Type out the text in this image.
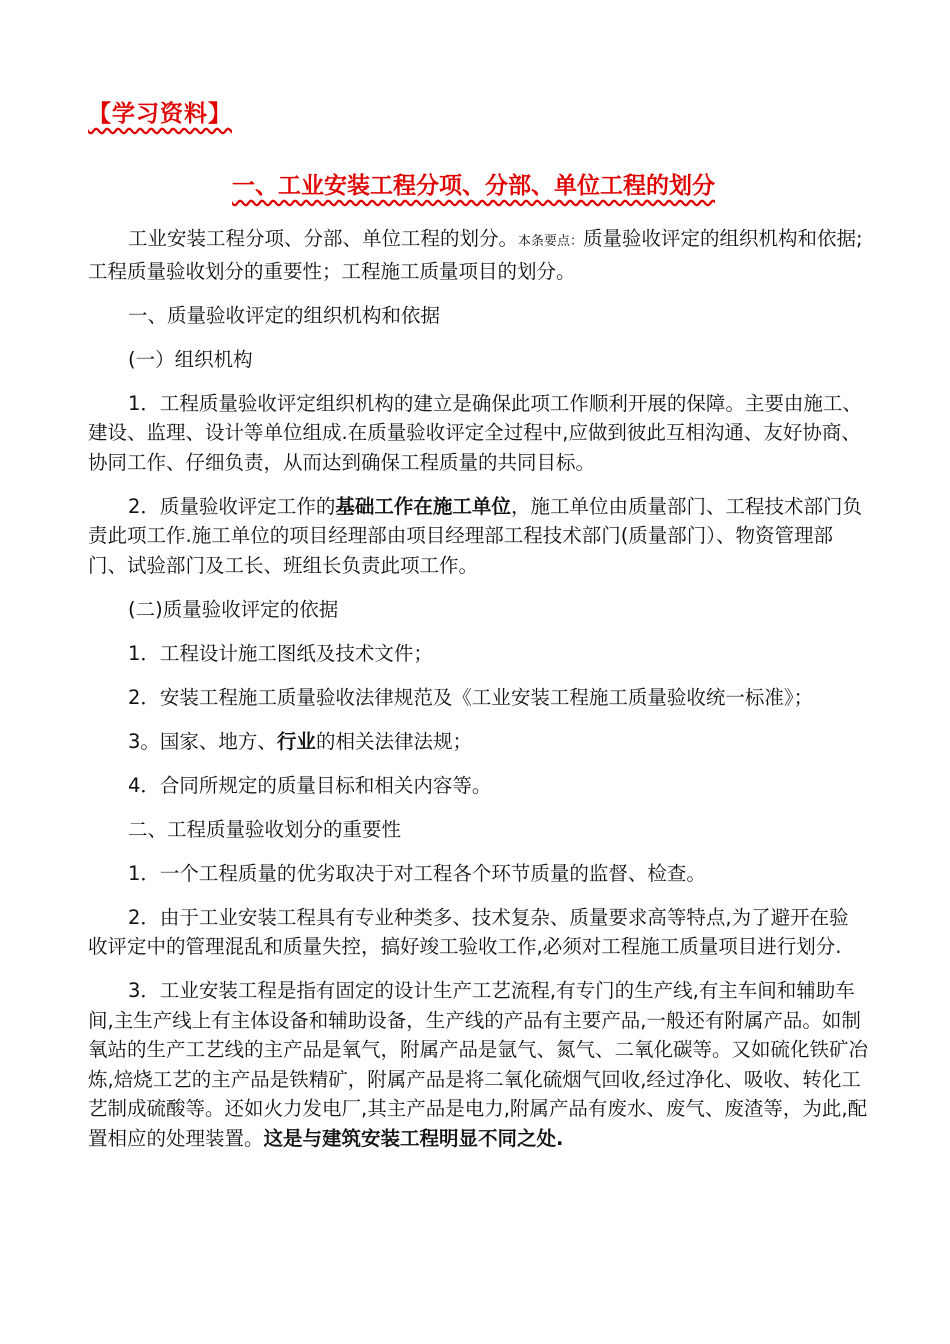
【学习资料】
一、工业安装工程分项、分部、单位工程的划分

工业安装工程分项、分部、单位工程的划分。本条要点：质量验收评定的组织机构和依据;工程质量验收划分的重要性；工程施工质量项目的划分。

一、质量验收评定的组织机构和依据

(一）组织机构

1．工程质量验收评定组织机构的建立是确保此项工作顺利开展的保障。主要由施工、建设、监理、设计等单位组成.在质量验收评定全过程中,应做到彼此互相沟通、友好协商、协同工作、仔细负责，从而达到确保工程质量的共同目标。

2．质量验收评定工作的基础工作在施工单位，施工单位由质量部门、工程技术部门负责此项工作.施工单位的项目经理部由项目经理部工程技术部门(质量部门）、物资管理部门、试验部门及工长、班组长负责此项工作。

(二)质量验收评定的依据

1．工程设计施工图纸及技术文件；

2．安装工程施工质量验收法律规范及《工业安装工程施工质量验收统一标准》；

3。国家、地方、行业的相关法律法规；

4．合同所规定的质量目标和相关内容等。

二、工程质量验收划分的重要性

1．一个工程质量的优劣取决于对工程各个环节质量的监督、检查。

2．由于工业安装工程具有专业种类多、技术复杂、质量要求高等特点,为了避开在验收评定中的管理混乱和质量失控，搞好竣工验收工作,必须对工程施工质量项目进行划分.

3．工业安装工程是指有固定的设计生产工艺流程,有专门的生产线,有主车间和辅助车间,主生产线上有主体设备和辅助设备，生产线的产品有主要产品,一般还有附属产品。如制氧站的生产工艺线的主产品是氧气，附属产品是氩气、氮气、二氧化碳等。又如硫化铁矿冶炼,焙烧工艺的主产品是铁精矿，附属产品是将二氧化硫烟气回收,经过净化、吸收、转化工艺制成硫酸等。还如火力发电厂,其主产品是电力,附属产品有废水、废气、废渣等，为此,配置相应的处理装置。这是与建筑安装工程明显不同之处.
